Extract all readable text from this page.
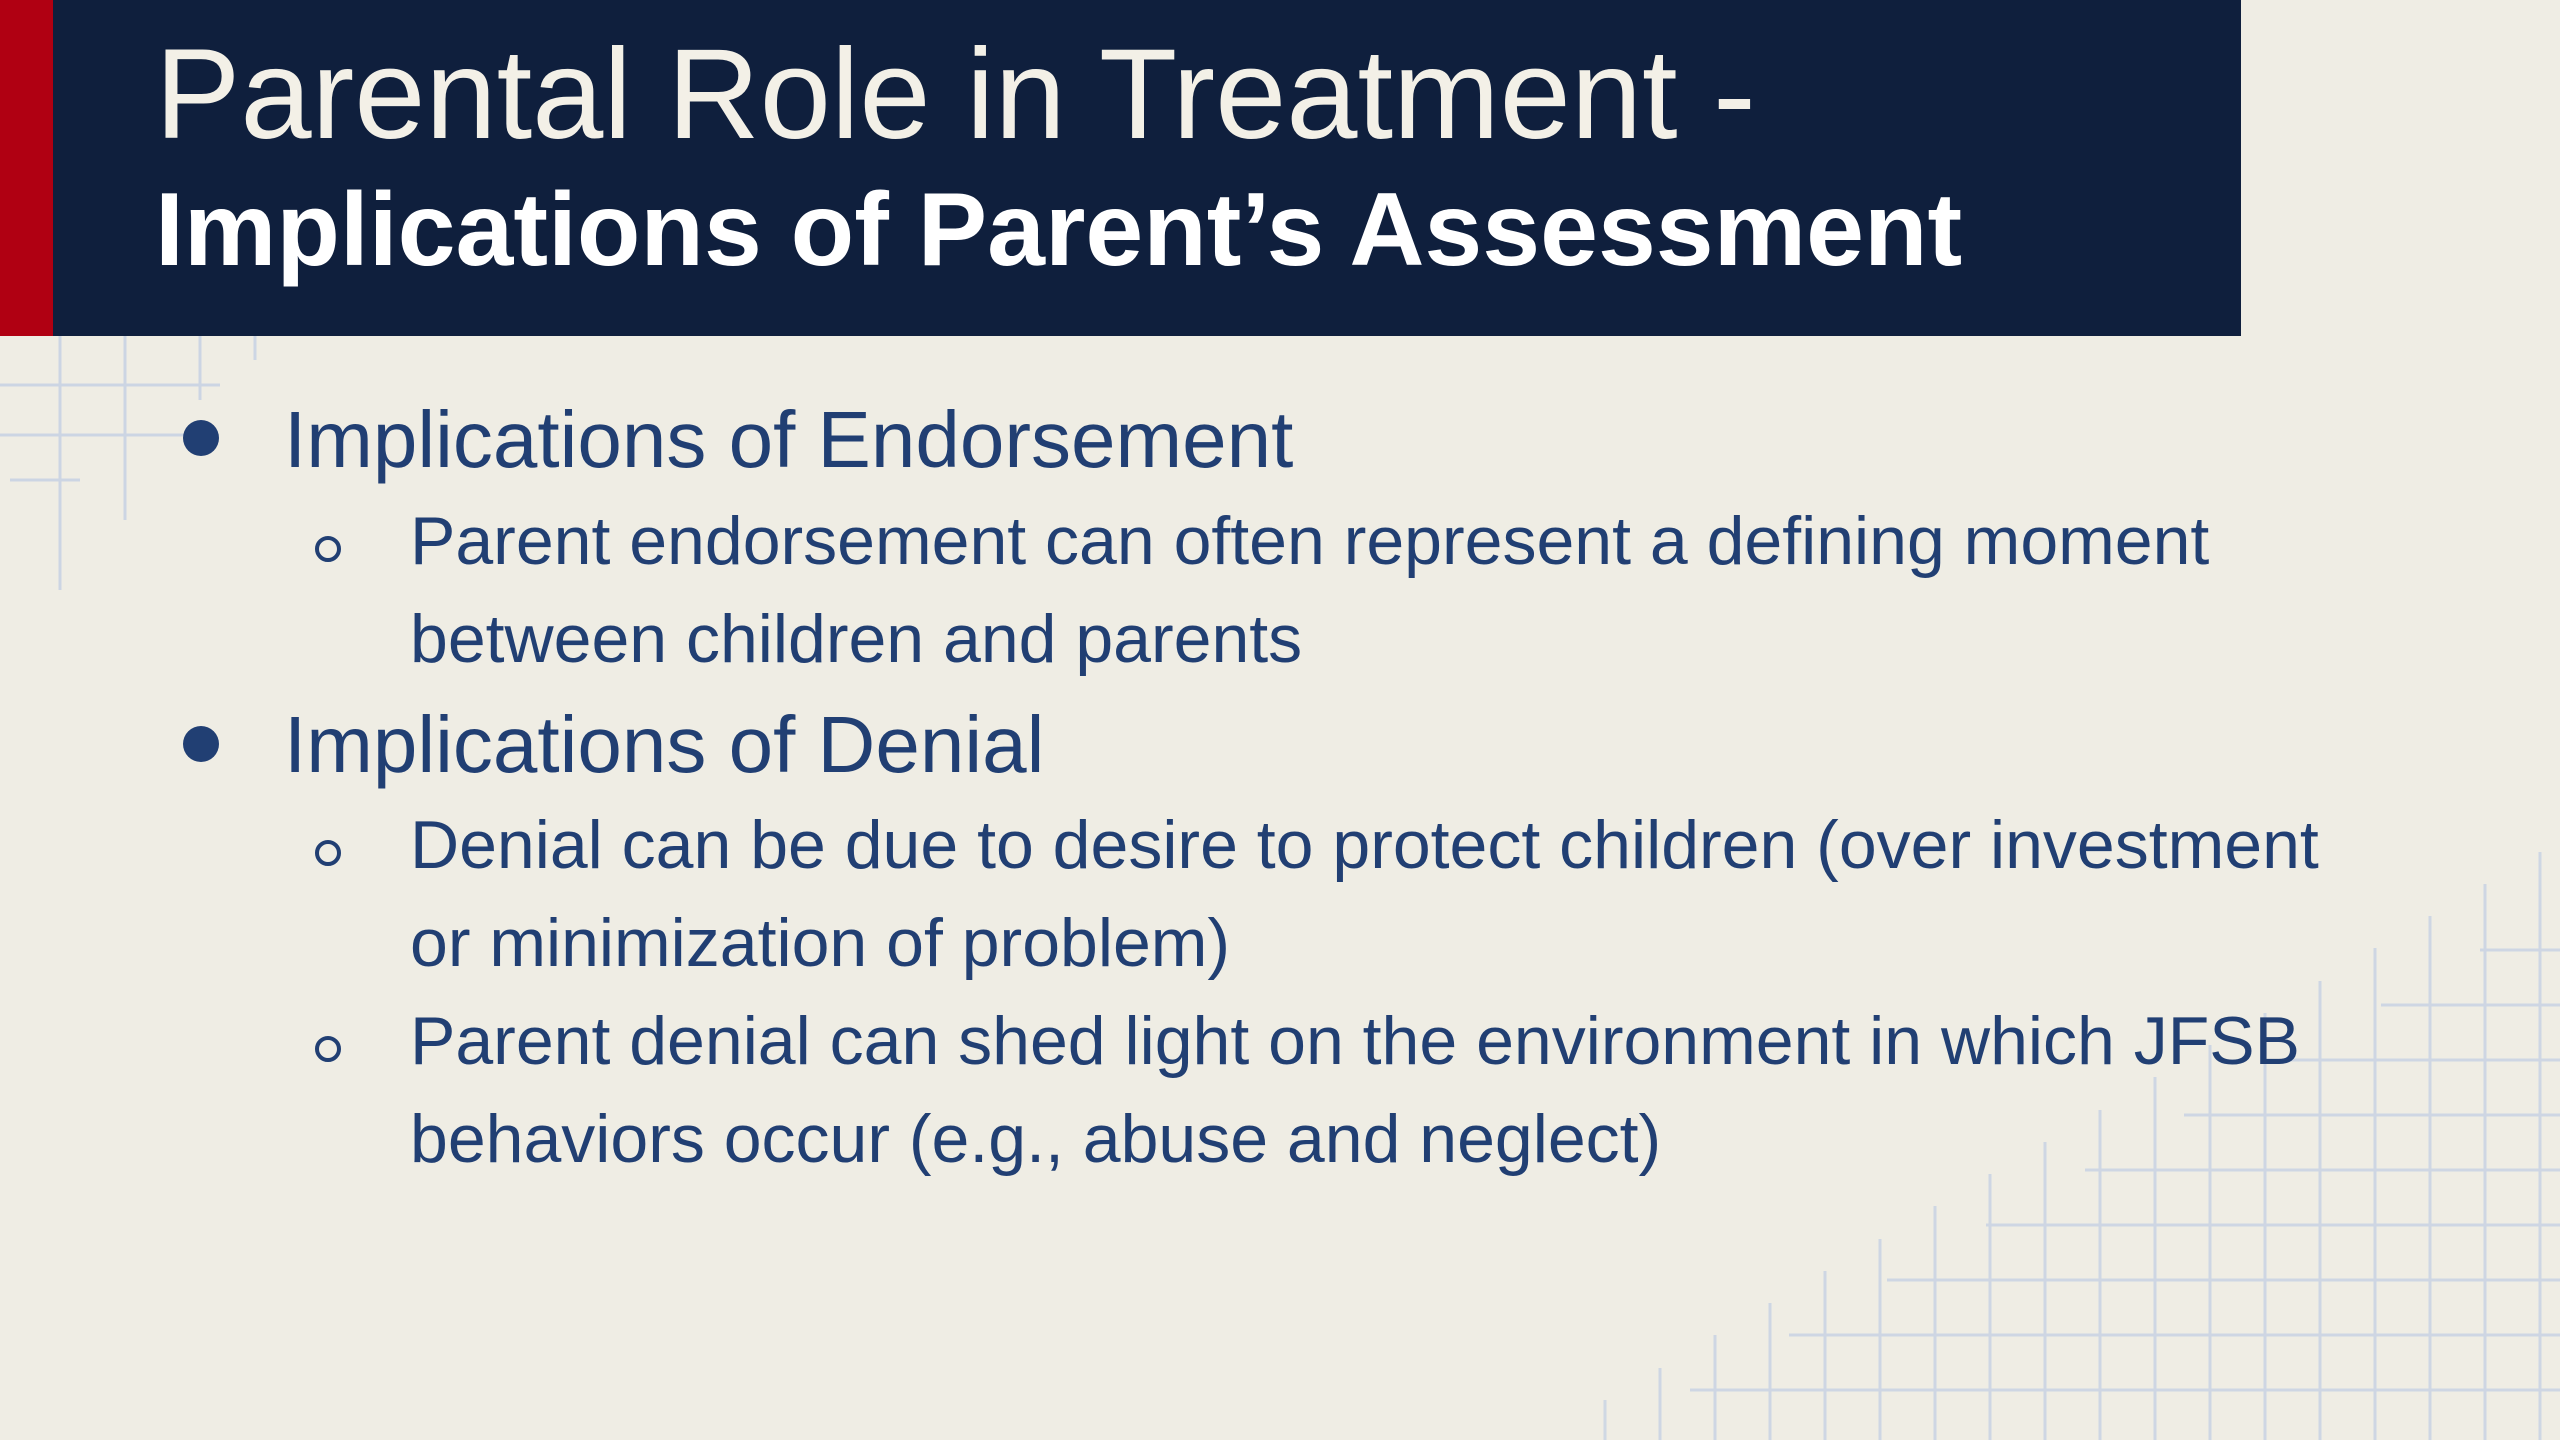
Parental Role in Treatment -
Implications of Parent’s Assessment
Implications of Endorsement
Parent endorsement can often represent a defining moment
between children and parents
Implications of Denial
Denial can be due to desire to protect children (over investment
or minimization of problem)
Parent denial can shed light on the environment in which JFSB
behaviors occur (e.g., abuse and neglect)
